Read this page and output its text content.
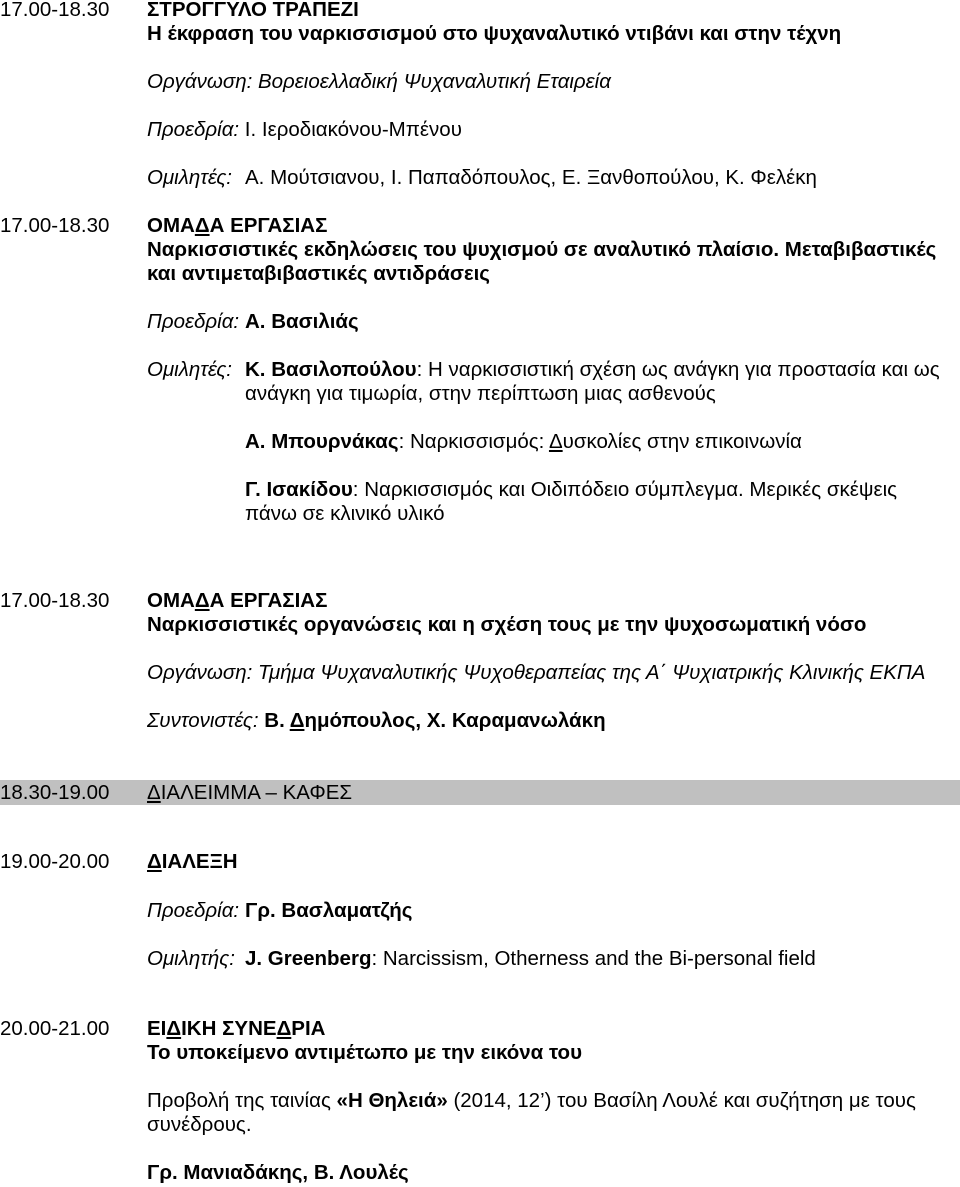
17.00-18.30 ΣΤΡΟΓΓΥΛΟ ΤΡΑΠΕΖΙ
Η έκφραση του ναρκισσισμού στο ψυχαναλυτικό ντιβάνι και στην τέχνη
Οργάνωση: Βορειοελλαδική Ψυχαναλυτική Εταιρεία
Προεδρία: Ι. Ιεροδιακόνου-Μπένου
Ομιλητές: Α. Μούτσιανου, Ι. Παπαδόπουλος, Ε. Ξανθοπούλου, Κ. Φελέκη
17.00-18.30 ΟΜΑΔΑ ΕΡΓΑΣΙΑΣ
Ναρκισσιστικές εκδηλώσεις του ψυχισμού σε αναλυτικό πλαίσιο. Μεταβιβαστικές
και αντιμεταβιβαστικές αντιδράσεις
Προεδρία: Α. Βασιλιάς
Ομιλητές: Κ. Βασιλοπούλου: Η ναρκισσιστική σχέση ως ανάγκη για προστασία και ως
ανάγκη για τιμωρία, στην περίπτωση μιας ασθενούς
Α. Μπουρνάκας: Ναρκισσισμός: Δυσκολίες στην επικοινωνία
Γ. Ισακίδου: Ναρκισσισμός και Οιδιπόδειο σύμπλεγμα. Μερικές σκέψεις
πάνω σε κλινικό υλικό
17.00-18.30 ΟΜΑΔΑ ΕΡΓΑΣΙΑΣ
Ναρκισσιστικές οργανώσεις και η σχέση τους με την ψυχοσωματική νόσο
Οργάνωση: Τμήμα Ψυχαναλυτικής Ψυχοθεραπείας της Α΄ Ψυχιατρικής Κλινικής ΕΚΠΑ
Συντονιστές: Β. Δημόπουλος, Χ. Καραμανωλάκη
18.30-19.00 ΔΙΑΛΕΙΜΜΑ – ΚΑΦΕΣ
19.00-20.00 ΔΙΑΛΕΞΗ
Προεδρία: Γρ. Βασλαματζής
Ομιλητής: J. Greenberg: Narcissism, Otherness and the Bi-personal field
20.00-21.00 ΕΙΔΙΚΗ ΣΥΝΕΔΡΙΑ
Το υποκείμενο αντιμέτωπο με την εικόνα του
Προβολή της ταινίας «Η Θηλειά» (2014, 12’) του Βασίλη Λουλέ και συζήτηση με τους
συνέδρους.
Γρ. Μανιαδάκης, Β. Λουλές
